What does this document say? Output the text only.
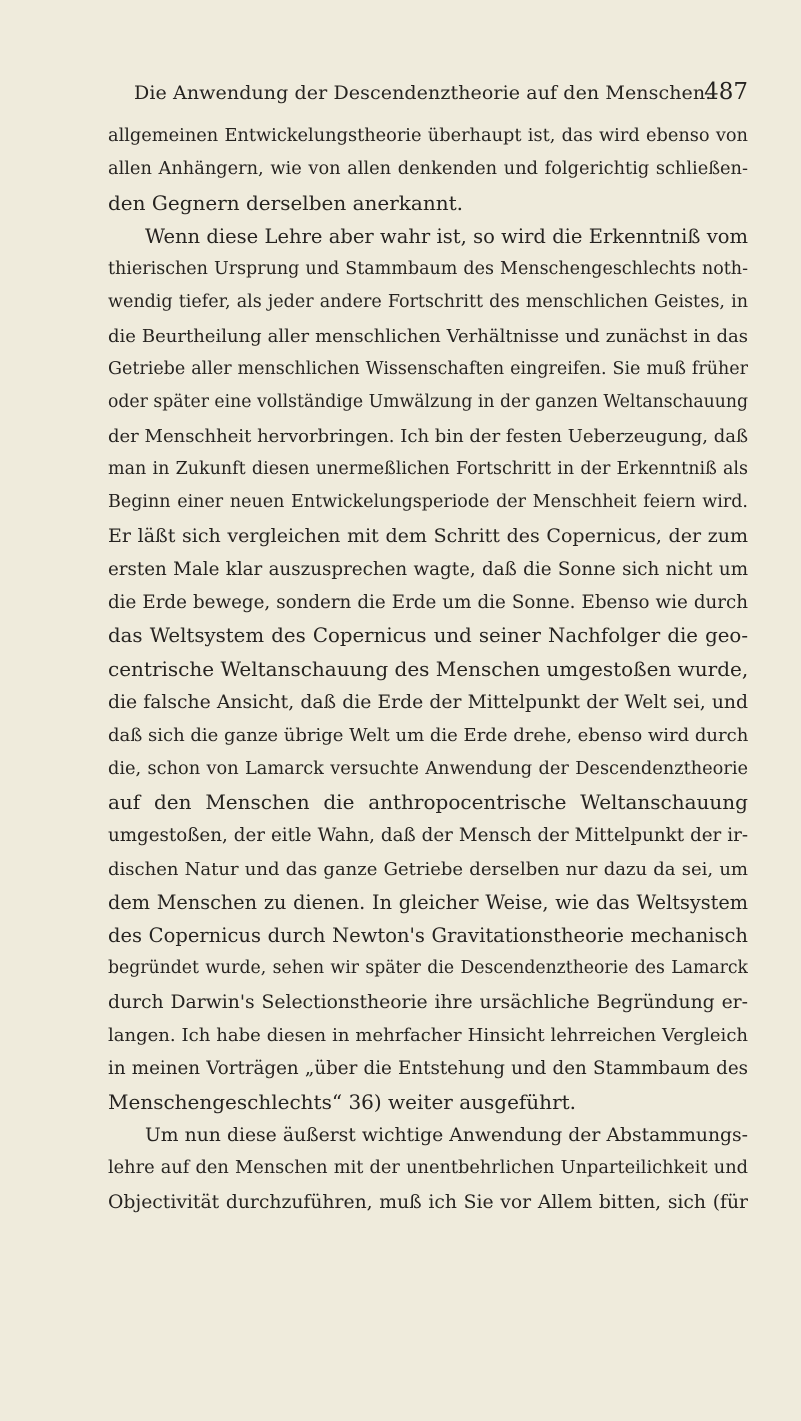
Die Anwendung der Descendenztheorie auf den Menschen.
487
allgemeinen Entwickelungstheorie überhaupt ist, das wird ebenso von
allen Anhängern, wie von allen denkenden und folgerichtig schließen-
den Gegnern derselben anerkannt.
Wenn diese Lehre aber wahr ist, so wird die Erkenntniß vom
thierischen Ursprung und Stammbaum des Menschengeschlechts noth-
wendig tiefer, als jeder andere Fortschritt des menschlichen Geistes, in
die Beurtheilung aller menschlichen Verhältnisse und zunächst in das
Getriebe aller menschlichen Wissenschaften eingreifen. Sie muß früher
oder später eine vollständige Umwälzung in der ganzen Weltanschauung
der Menschheit hervorbringen. Ich bin der festen Ueberzeugung, daß
man in Zukunft diesen unermeßlichen Fortschritt in der Erkenntniß als
Beginn einer neuen Entwickelungsperiode der Menschheit feiern wird.
Er läßt sich vergleichen mit dem Schritt des Copernicus, der zum
ersten Male klar auszusprechen wagte, daß die Sonne sich nicht um
die Erde bewege, sondern die Erde um die Sonne. Ebenso wie durch
das Weltsystem des Copernicus und seiner Nachfolger die geo-
centrische Weltanschauung des Menschen umgestoßen wurde,
die falsche Ansicht, daß die Erde der Mittelpunkt der Welt sei, und
daß sich die ganze übrige Welt um die Erde drehe, ebenso wird durch
die, schon von Lamarck versuchte Anwendung der Descendenztheorie
auf den Menschen die anthropocentrische Weltanschauung
umgestoßen, der eitle Wahn, daß der Mensch der Mittelpunkt der ir-
dischen Natur und das ganze Getriebe derselben nur dazu da sei, um
dem Menschen zu dienen. In gleicher Weise, wie das Weltsystem
des Copernicus durch Newton's Gravitationstheorie mechanisch
begründet wurde, sehen wir später die Descendenztheorie des Lamarck
durch Darwin's Selectionstheorie ihre ursächliche Begründung er-
langen. Ich habe diesen in mehrfacher Hinsicht lehrreichen Vergleich
in meinen Vorträgen „über die Entstehung und den Stammbaum des
Menschengeschlechts“ 36) weiter ausgeführt.
Um nun diese äußerst wichtige Anwendung der Abstammungs-
lehre auf den Menschen mit der unentbehrlichen Unparteilichkeit und
Objectivität durchzuführen, muß ich Sie vor Allem bitten, sich (für
